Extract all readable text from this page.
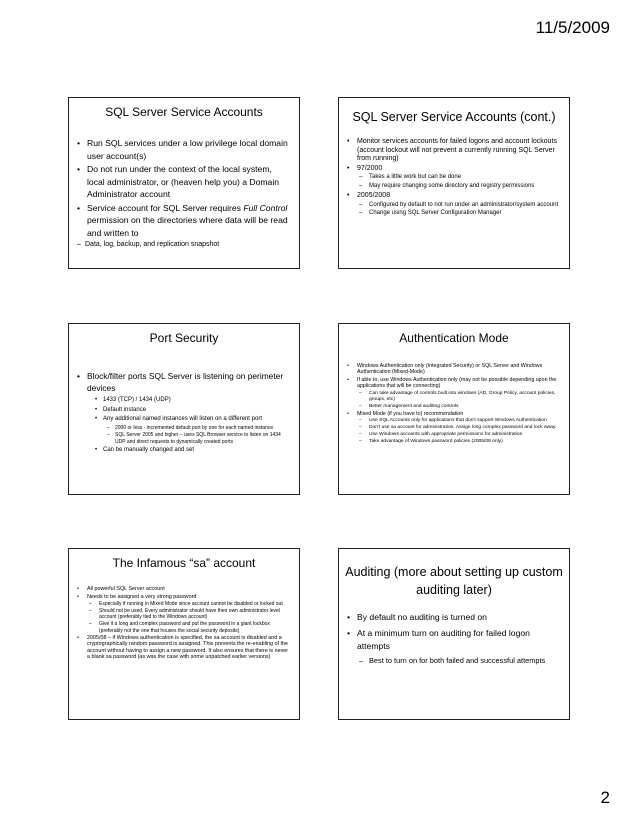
11/5/2009
SQL Server Service Accounts
• Run SQL services under a low privilege local domain user account(s)
• Do not run under the context of the local system, local administrator, or (heaven help you) a Domain Administrator account
• Service account for SQL Server requires Full Control permission on the directories where data will be read and written to
– Data, log, backup, and replication snapshot
SQL Server Service Accounts (cont.)
• Monitor services accounts for failed logons and account lockouts (account lockout will not prevent a currently running SQL Server from running)
• 97/2000
– Takes a little work but can be done
– May require changing some directory and registry permissions
• 2005/2008
– Configured by default to not run under an administrator/system account
– Change using SQL Server Configuration Manager
Port Security
• Block/filter ports SQL Server is listening on perimeter devices
• 1433 (TCP) / 1434 (UDP)
• Default instance
• Any additional named instances will listen on a different port
– 2000 or less - incremented default port by one for each named instance
– SQL Server 2005 and higher – uses SQL Browser service to listen on 1434 UDP and direct requests to dynamically created ports
• Can be manually changed and set
Authentication Mode
• Windows Authentication only (Integrated Security) or SQL Server and Windows Authentication (Mixed-Mode)
• If able to, use Windows Authentication only (may not be possible depending upon the applications that will be connecting)
– Can take advantage of controls built into windows (AD, Group Policy, account policies, groups, etc)
– Better management and auditing controls
• Mixed Mode (if you have to) recommendation
– Use SQL Accounts only for applications that don't support Windows Authentication
– Don't use sa account for administration. Assign long complex password and lock away.
– Use Windows accounts with appropriate permissions for administration
– Take advantage of Windows password policies (2005/08 only)
The Infamous “sa” account
• All powerful SQL Server account
• Needs to be assigned a very strong password
– Especially if running in Mixed Mode since account cannot be disabled or locked out
– Should not be used. Every administrator should have their own administrator level account (preferably tied to the Windows account)
– Give it a long and complex password and put the password in a giant lockbox (preferably not the one that houses the social security deposits)
• 2005/08 – if Windows authentication is specified, the sa account is disabled and a cryptographically random password is assigned. This prevents the re-enabling of the account without having to assign a new password. It also ensures that there is never a blank sa password (as was the case with some unpatched earlier versions)
Auditing (more about setting up custom auditing later)
• By default no auditing is turned on
• At a minimum turn on auditing for failed logon attempts
– Best to turn on for both failed and successful attempts
2
